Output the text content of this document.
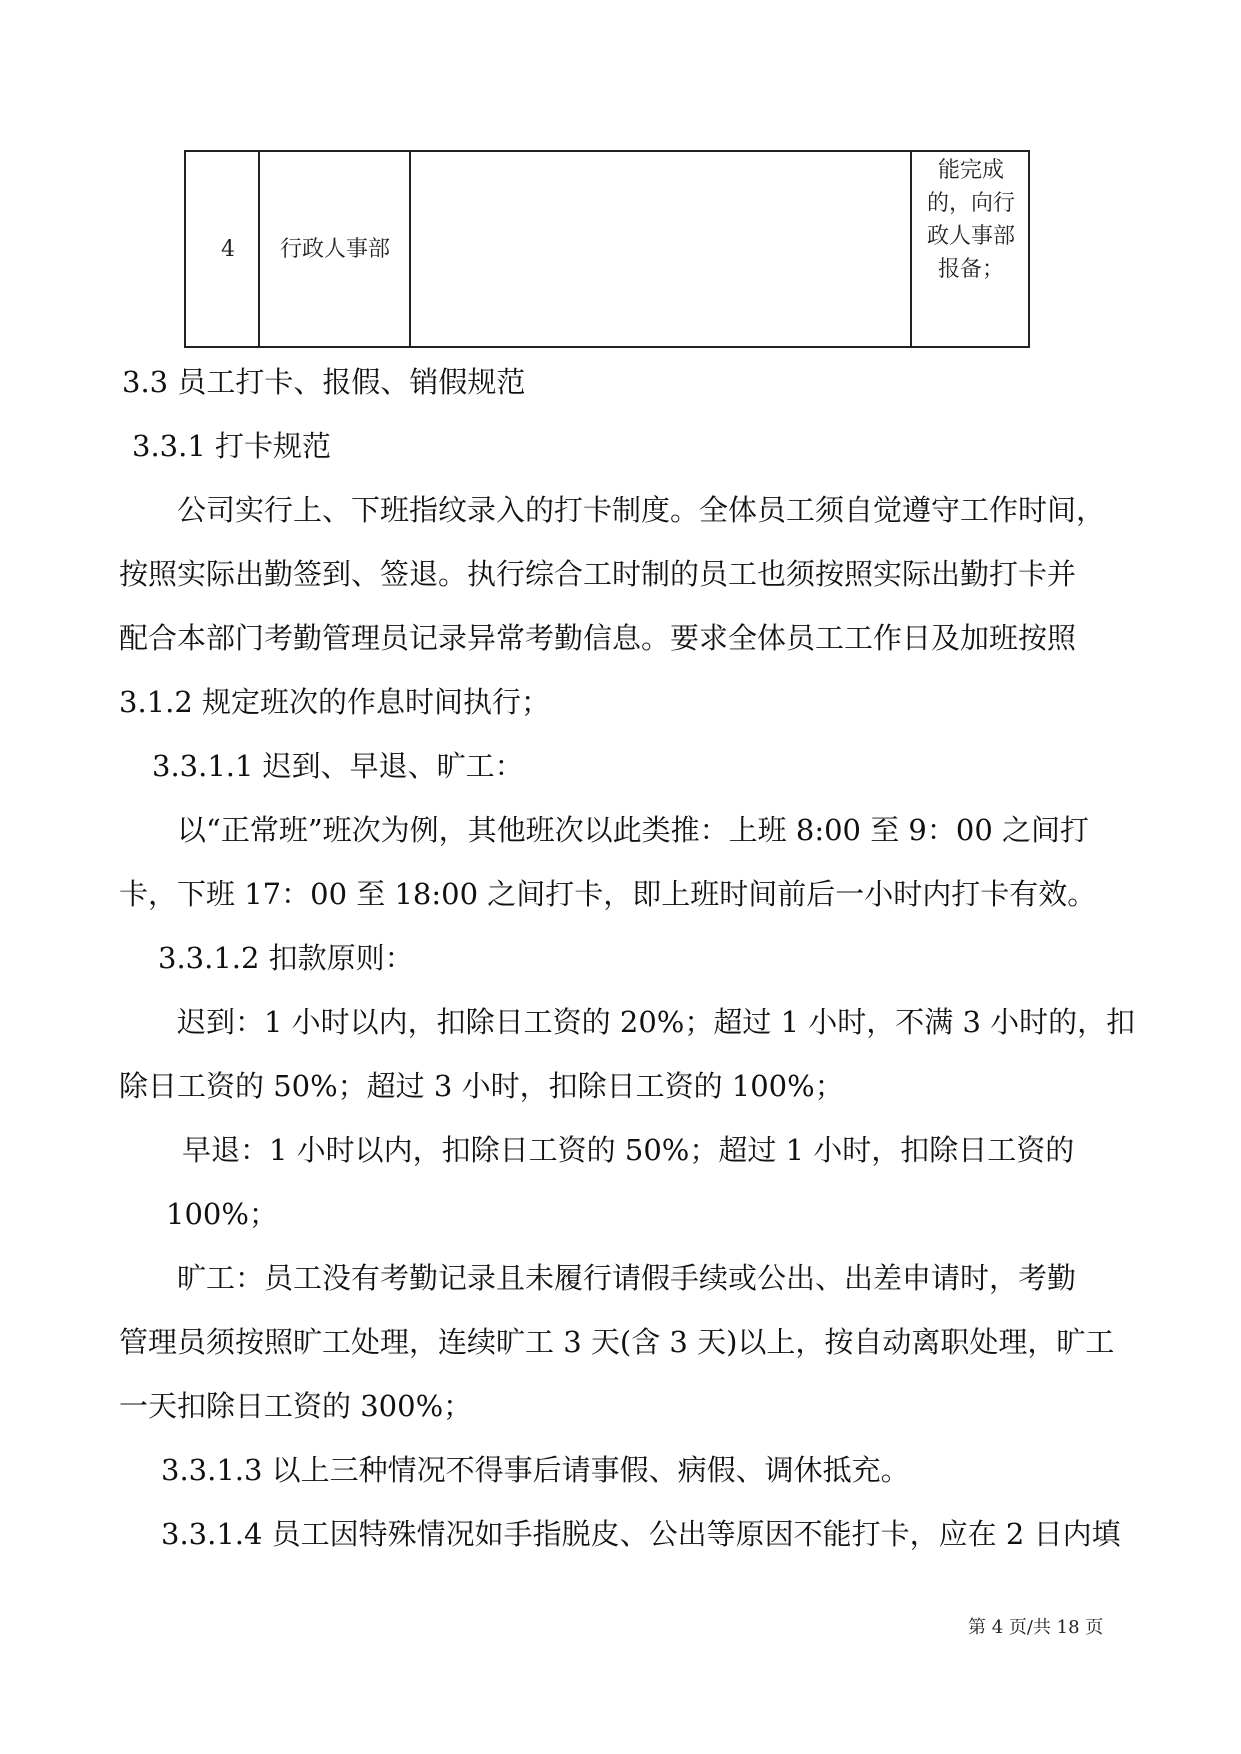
4 行政人事部
能完成
的，向行
政人事部
报备；
3.3 员工打卡、报假、销假规范
3.3.1 打卡规范
公司实行上、下班指纹录入的打卡制度。全体员工须自觉遵守工作时间，
按照实际出勤签到、签退。执行综合工时制的员工也须按照实际出勤打卡并
配合本部门考勤管理员记录异常考勤信息。要求全体员工工作日及加班按照
3.1.2 规定班次的作息时间执行；
3.3.1.1 迟到、早退、旷工：
以“正常班”班次为例，其他班次以此类推：上班 8:00 至 9：00 之间打
卡，下班 17：00 至 18:00 之间打卡，即上班时间前后一小时内打卡有效。
3.3.1.2 扣款原则：
迟到：1 小时以内，扣除日工资的 20%；超过 1 小时，不满 3 小时的，扣
除日工资的 50%；超过 3 小时，扣除日工资的 100%；
早退：1 小时以内，扣除日工资的 50%；超过 1 小时，扣除日工资的
100%；
旷工：员工没有考勤记录且未履行请假手续或公出、出差申请时，考勤
管理员须按照旷工处理，连续旷工 3 天(含 3 天)以上，按自动离职处理，旷工
一天扣除日工资的 300%；
3.3.1.3 以上三种情况不得事后请事假、病假、调休抵充。
3.3.1.4 员工因特殊情况如手指脱皮、公出等原因不能打卡，应在 2 日内填
第 4 页/共 18 页
